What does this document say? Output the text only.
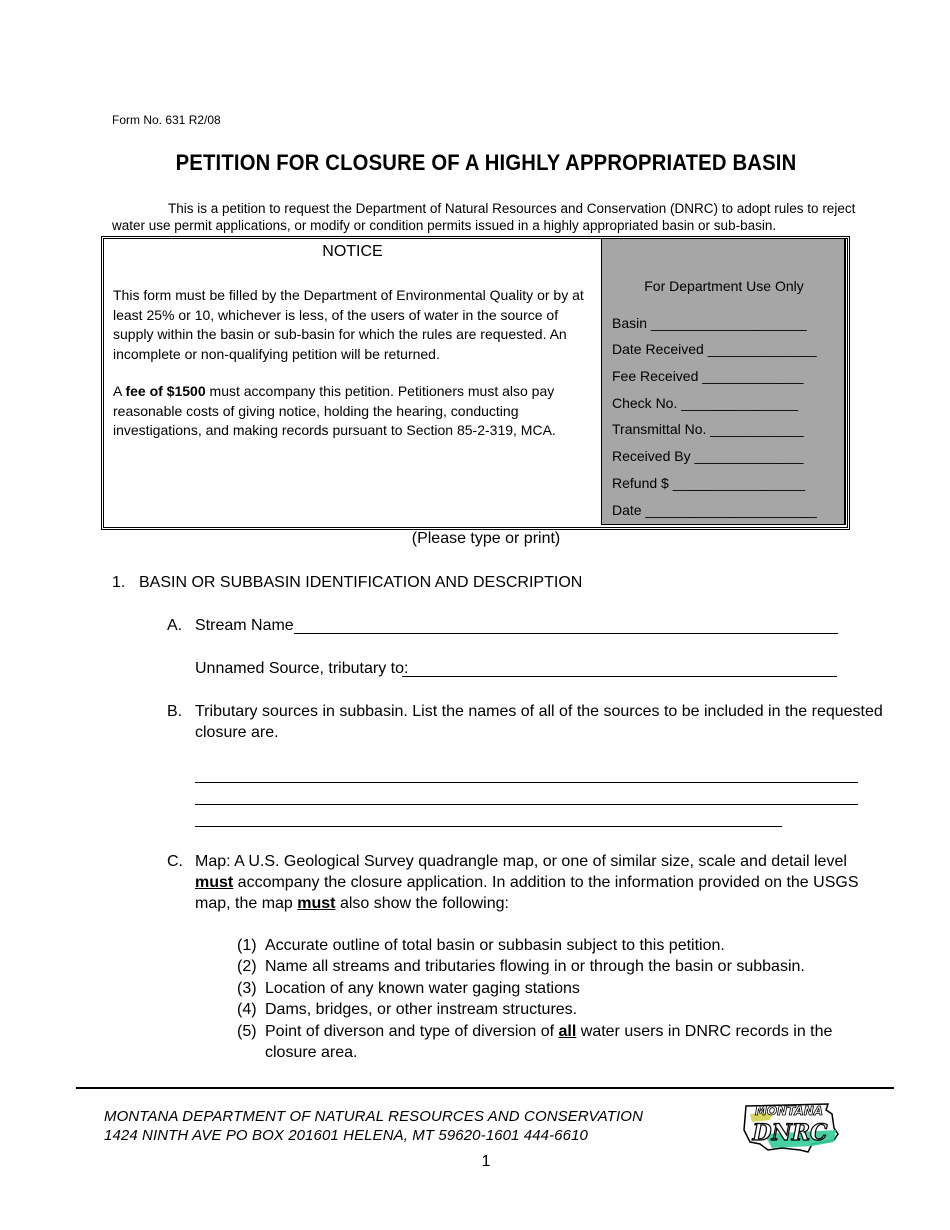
Form No. 631 R2/08
PETITION FOR CLOSURE OF A HIGHLY APPROPRIATED BASIN
This is a petition to request the Department of Natural Resources and Conservation (DNRC) to adopt rules to reject water use permit applications, or modify or condition permits issued in a highly appropriated basin or sub-basin.
NOTICE
This form must be filled by the Department of Environmental Quality or by at least 25% or 10, whichever is less, of the users of water in the source of supply within the basin or sub-basin for which the rules are requested. An incomplete or non-qualifying petition will be returned.
A fee of $1500 must accompany this petition. Petitioners must also pay reasonable costs of giving notice, holding the hearing, conducting investigations, and making records pursuant to Section 85-2-319, MCA.
For Department Use Only
Basin ____________________
Date Received ______________
Fee Received _____________
Check No. _______________
Transmittal No. ____________
Received By ______________
Refund $ _________________
Date ______________________
(Please type or print)
1. BASIN OR SUBBASIN IDENTIFICATION AND DESCRIPTION
A. Stream Name
Unnamed Source, tributary to:
B. Tributary sources in subbasin. List the names of all of the sources to be included in the requested
closure are.
C. Map: A U.S. Geological Survey quadrangle map, or one of similar size, scale and detail level
must accompany the closure application. In addition to the information provided on the USGS
map, the map must also show the following:
(1) Accurate outline of total basin or subbasin subject to this petition.
(2) Name all streams and tributaries flowing in or through the basin or subbasin.
(3) Location of any known water gaging stations
(4) Dams, bridges, or other instream structures.
(5) Point of diverson and type of diversion of all water users in DNRC records in the
closure area.
MONTANA DEPARTMENT OF NATURAL RESOURCES AND CONSERVATION
1424 NINTH AVE PO BOX 201601 HELENA, MT 59620-1601 444-6610
MONTANA
DNRC
1
